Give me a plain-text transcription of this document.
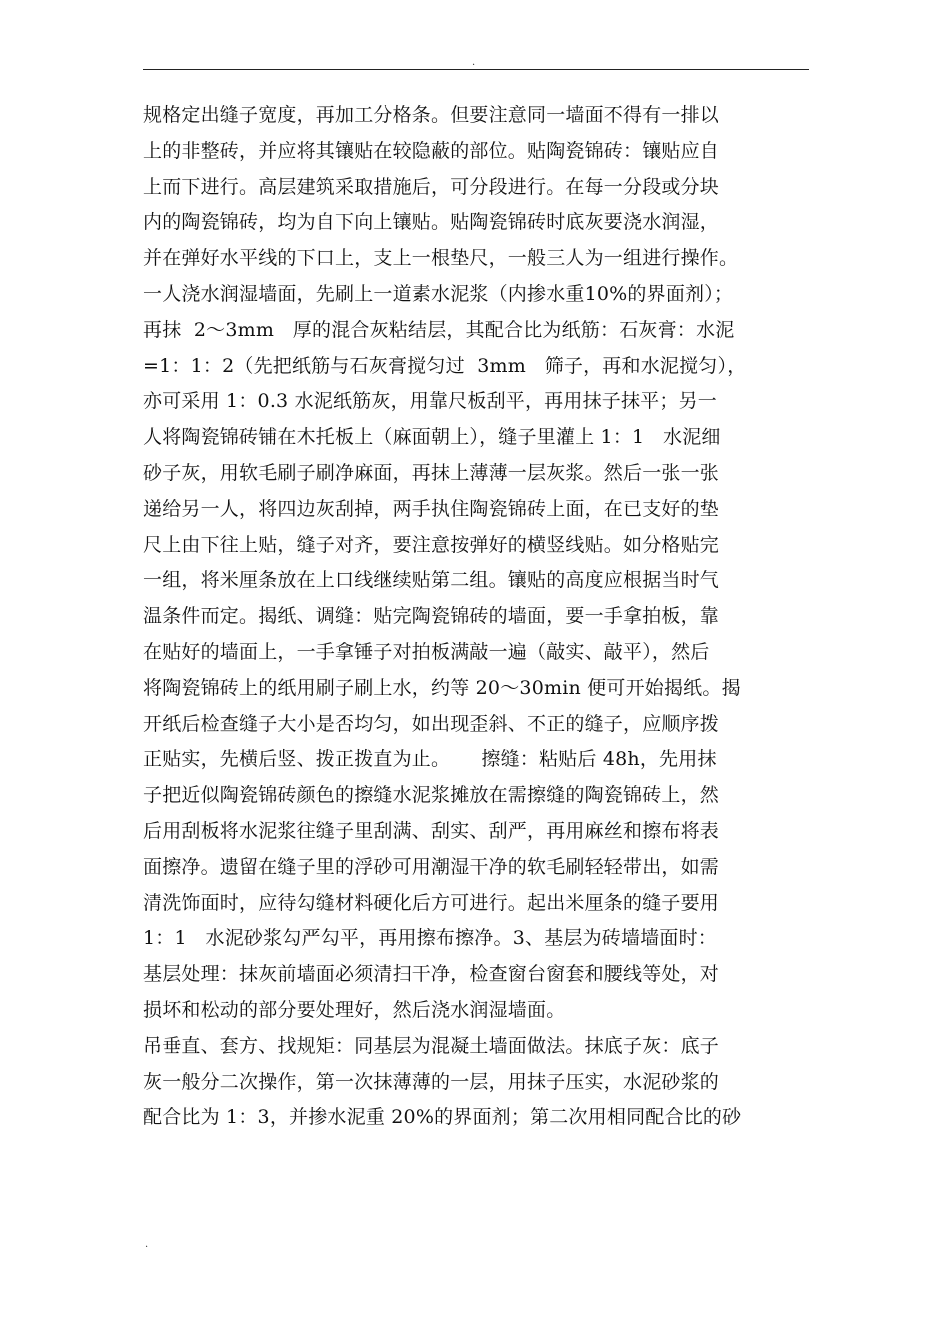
.
规格定出缝子宽度，再加工分格条。但要注意同一墙面不得有一排以
上的非整砖，并应将其镶贴在较隐蔽的部位。贴陶瓷锦砖：镶贴应自
上而下进行。高层建筑采取措施后，可分段进行。在每一分段或分块
内的陶瓷锦砖，均为自下向上镶贴。贴陶瓷锦砖时底灰要浇水润湿，
并在弹好水平线的下口上，支上一根垫尺，一般三人为一组进行操作。
一人浇水润湿墙面，先刷上一道素水泥浆（内掺水重10%的界面剂）；
再抹  2～3mm   厚的混合灰粘结层，其配合比为纸筋：石灰膏：水泥
=1：1：2（先把纸筋与石灰膏搅匀过  3mm   筛子，再和水泥搅匀），
亦可采用 1：0.3 水泥纸筋灰，用靠尺板刮平，再用抹子抹平；另一
人将陶瓷锦砖铺在木托板上（麻面朝上），缝子里灌上 1：1   水泥细
砂子灰，用软毛刷子刷净麻面，再抹上薄薄一层灰浆。然后一张一张
递给另一人，将四边灰刮掉，两手执住陶瓷锦砖上面，在已支好的垫
尺上由下往上贴，缝子对齐，要注意按弹好的横竖线贴。如分格贴完
一组，将米厘条放在上口线继续贴第二组。镶贴的高度应根据当时气
温条件而定。揭纸、调缝：贴完陶瓷锦砖的墙面，要一手拿拍板，靠
在贴好的墙面上，一手拿锤子对拍板满敲一遍（敲实、敲平），然后
将陶瓷锦砖上的纸用刷子刷上水，约等 20～30min 便可开始揭纸。揭
开纸后检查缝子大小是否均匀，如出现歪斜、不正的缝子，应顺序拨
正贴实，先横后竖、拨正拨直为止。     擦缝：粘贴后 48h，先用抹
子把近似陶瓷锦砖颜色的擦缝水泥浆摊放在需擦缝的陶瓷锦砖上，然
后用刮板将水泥浆往缝子里刮满、刮实、刮严，再用麻丝和擦布将表
面擦净。遗留在缝子里的浮砂可用潮湿干净的软毛刷轻轻带出，如需
清洗饰面时，应待勾缝材料硬化后方可进行。起出米厘条的缝子要用
1：1   水泥砂浆勾严勾平，再用擦布擦净。3、基层为砖墙墙面时：
基层处理：抹灰前墙面必须清扫干净，检查窗台窗套和腰线等处，对
损坏和松动的部分要处理好，然后浇水润湿墙面。
吊垂直、套方、找规矩：同基层为混凝土墙面做法。抹底子灰：底子
灰一般分二次操作，第一次抹薄薄的一层，用抹子压实，水泥砂浆的
配合比为 1：3，并掺水泥重 20%的界面剂；第二次用相同配合比的砂
.
